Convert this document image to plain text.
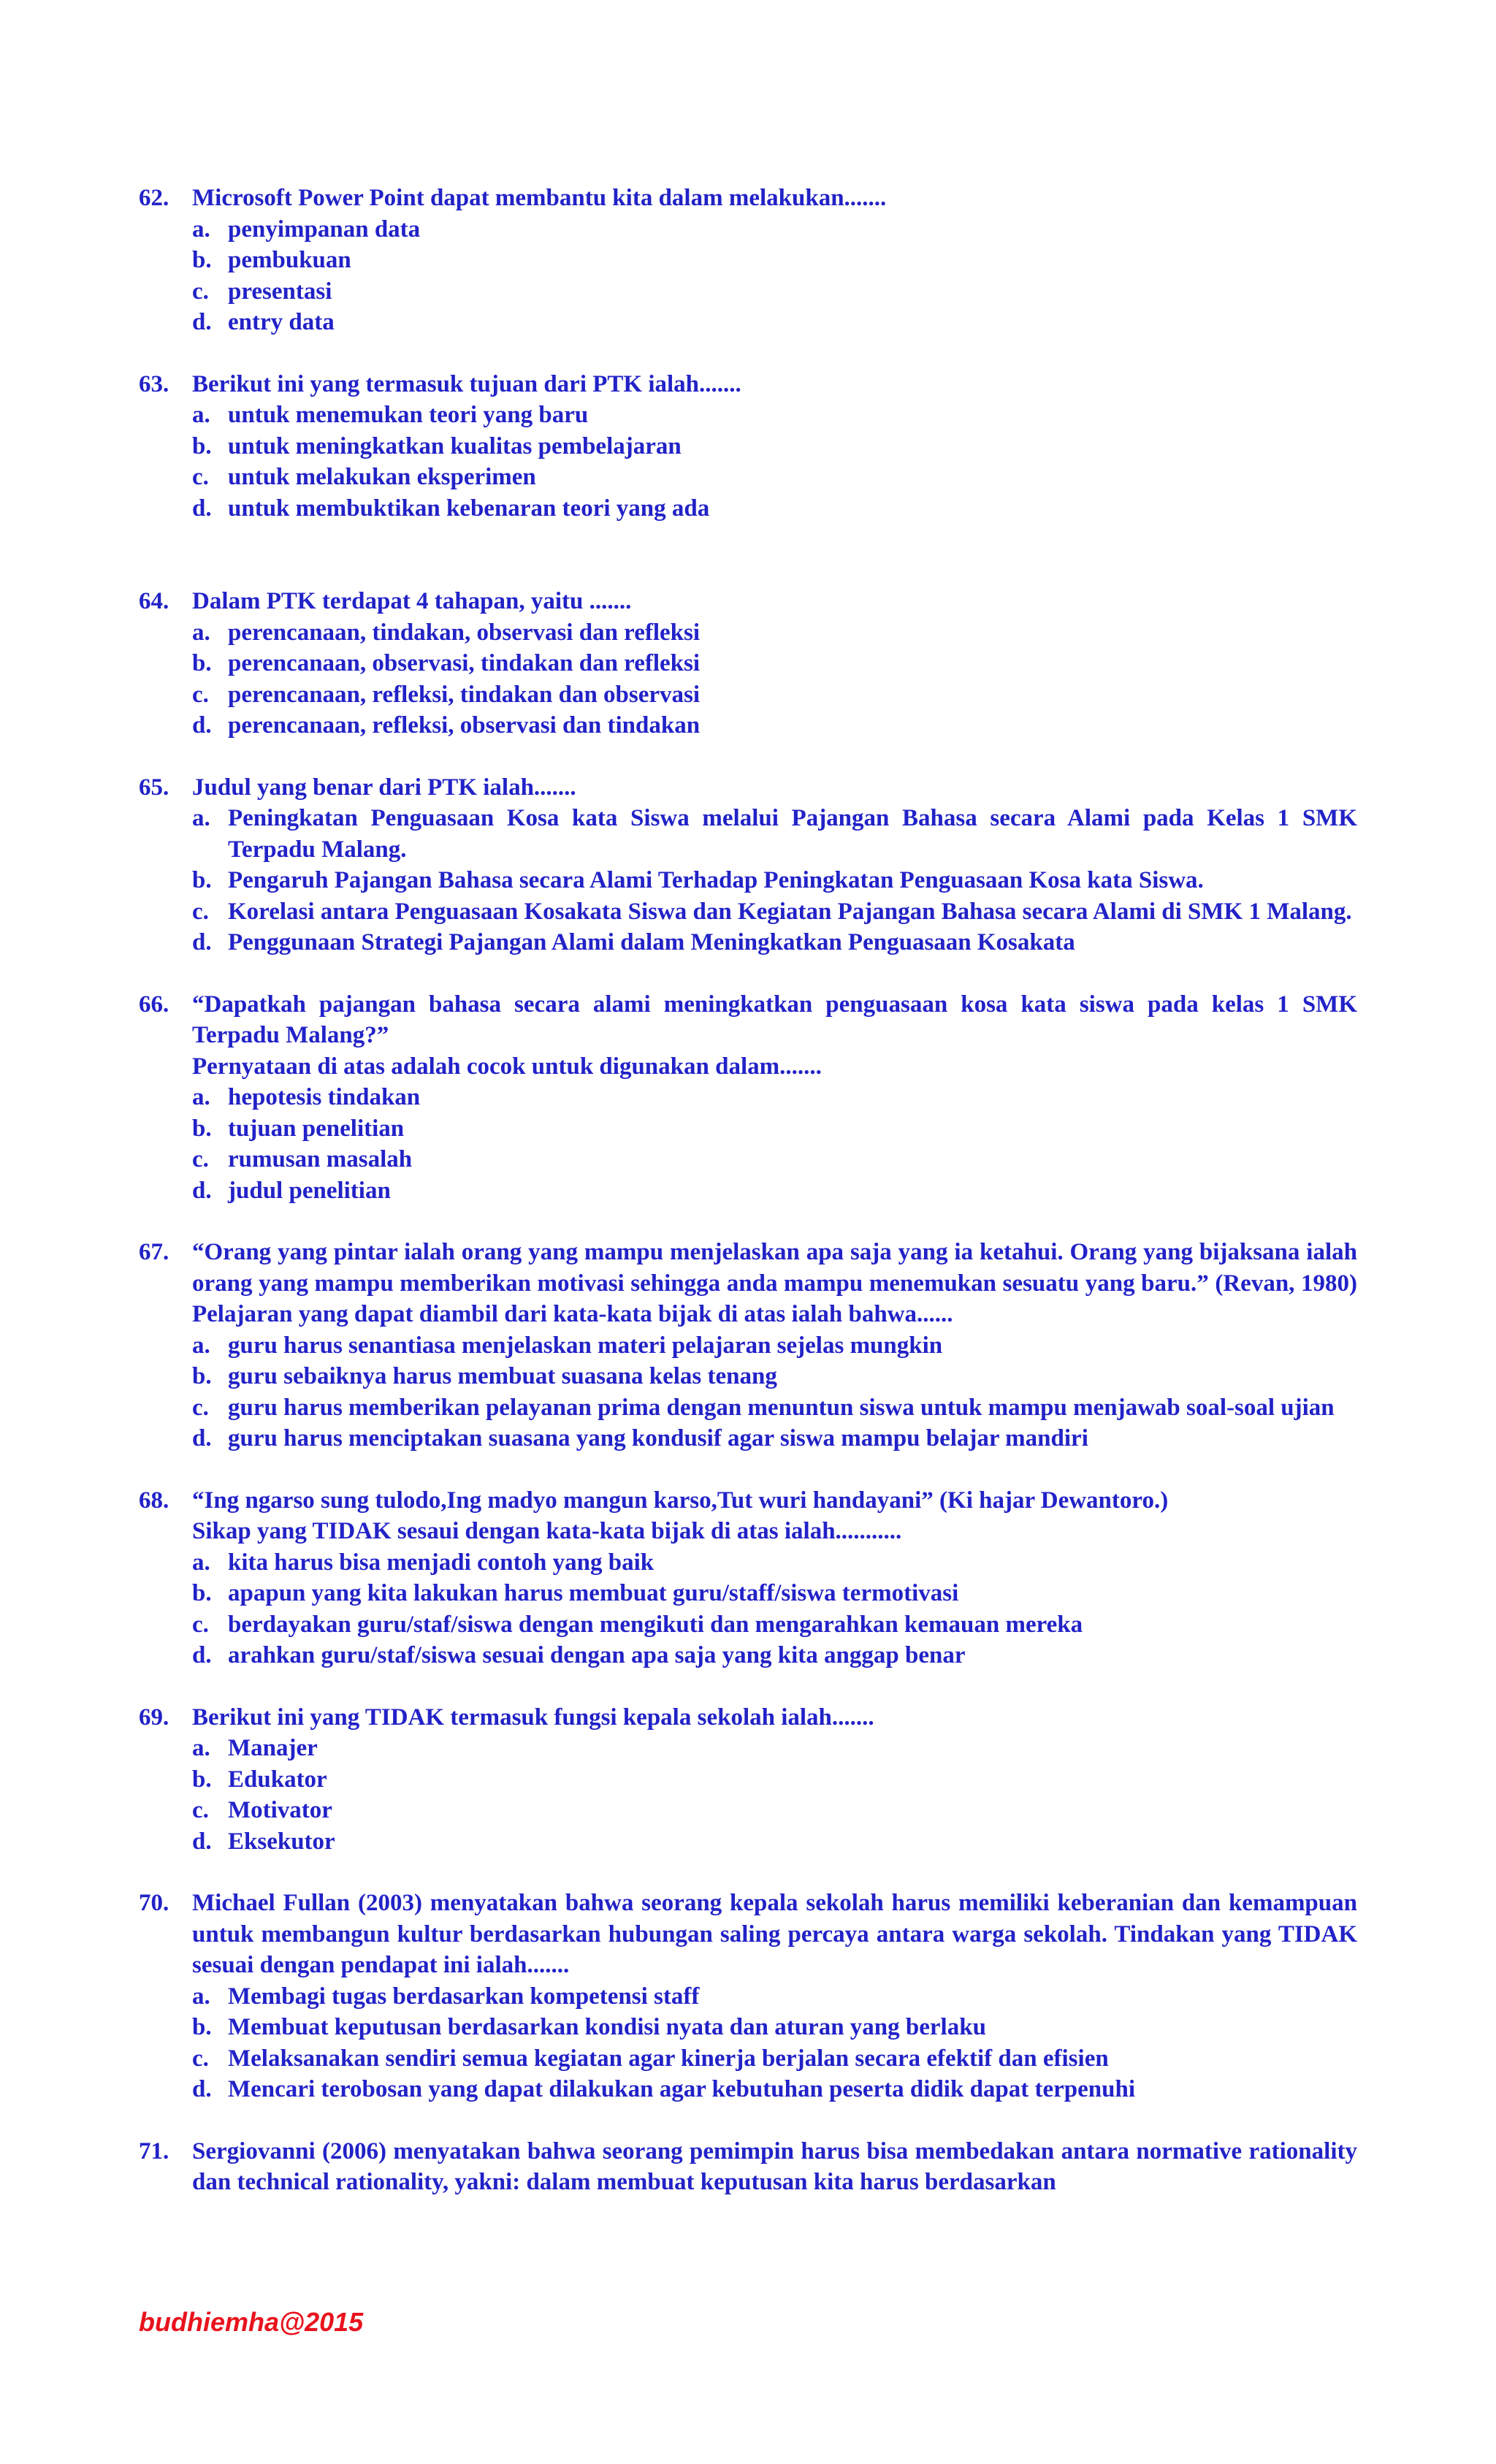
62. Microsoft Power Point dapat membantu kita dalam melakukan.......

a. penyimpanan data
b. pembukuan
c. presentasi
d. entry data
63. Berikut ini yang termasuk tujuan dari PTK ialah.......

a. untuk menemukan teori yang baru
b. untuk meningkatkan kualitas pembelajaran
c. untuk melakukan eksperimen
d. untuk membuktikan kebenaran teori yang ada
64. Dalam PTK terdapat 4 tahapan, yaitu .......

a. perencanaan, tindakan, observasi dan refleksi
b. perencanaan, observasi, tindakan dan refleksi
c. perencanaan, refleksi, tindakan dan observasi
d. perencanaan, refleksi, observasi dan tindakan
65. Judul yang benar dari PTK ialah.......

a. Peningkatan Penguasaan Kosa kata Siswa melalui Pajangan Bahasa secara Alami pada Kelas 1 SMK Terpadu Malang.
b. Pengaruh Pajangan Bahasa secara Alami Terhadap Peningkatan Penguasaan Kosa kata Siswa.
c. Korelasi antara Penguasaan Kosakata Siswa dan Kegiatan Pajangan Bahasa secara Alami di SMK 1 Malang.
d. Penggunaan Strategi Pajangan Alami dalam Meningkatkan Penguasaan Kosakata
66. “Dapatkah pajangan bahasa secara alami meningkatkan penguasaan kosa kata siswa pada kelas 1 SMK Terpadu Malang?”

Pernyataan di atas adalah cocok untuk digunakan dalam.......

a. hepotesis tindakan
b. tujuan penelitian
c. rumusan masalah
d. judul penelitian
67. “Orang yang pintar ialah orang yang mampu menjelaskan apa saja yang ia ketahui. Orang yang bijaksana ialah orang yang mampu memberikan motivasi sehingga anda mampu menemukan sesuatu yang baru.” (Revan, 1980) Pelajaran yang dapat diambil dari kata-kata bijak di atas ialah bahwa......

a. guru harus senantiasa menjelaskan materi pelajaran sejelas mungkin
b. guru sebaiknya harus membuat suasana kelas tenang
c. guru harus memberikan pelayanan prima dengan menuntun siswa untuk mampu menjawab soal-soal ujian
d. guru harus menciptakan suasana yang kondusif agar siswa mampu belajar mandiri
68. “Ing ngarso sung tulodo,Ing madyo mangun karso,Tut wuri handayani” (Ki hajar Dewantoro.)

Sikap yang TIDAK sesaui dengan kata-kata bijak di atas ialah...........

a. kita harus bisa menjadi contoh yang baik
b. apapun yang kita lakukan harus membuat guru/staff/siswa termotivasi
c. berdayakan guru/staf/siswa dengan mengikuti dan mengarahkan kemauan mereka
d. arahkan guru/staf/siswa sesuai dengan apa saja yang kita anggap benar
69. Berikut ini yang TIDAK termasuk fungsi kepala sekolah ialah.......

a. Manajer
b. Edukator
c. Motivator
d. Eksekutor
70. Michael Fullan (2003) menyatakan bahwa seorang kepala sekolah harus memiliki keberanian dan kemampuan untuk membangun kultur berdasarkan hubungan saling percaya antara warga sekolah. Tindakan yang TIDAK sesuai dengan pendapat ini ialah.......

a. Membagi tugas berdasarkan kompetensi staff
b. Membuat keputusan berdasarkan kondisi nyata dan aturan yang berlaku
c. Melaksanakan sendiri semua kegiatan agar kinerja berjalan secara efektif dan efisien
d. Mencari terobosan yang dapat dilakukan agar kebutuhan peserta didik dapat terpenuhi
71. Sergiovanni (2006) menyatakan bahwa seorang pemimpin harus bisa membedakan antara normative rationality dan technical rationality, yakni: dalam membuat keputusan kita harus berdasarkan

budhiemha@2015
